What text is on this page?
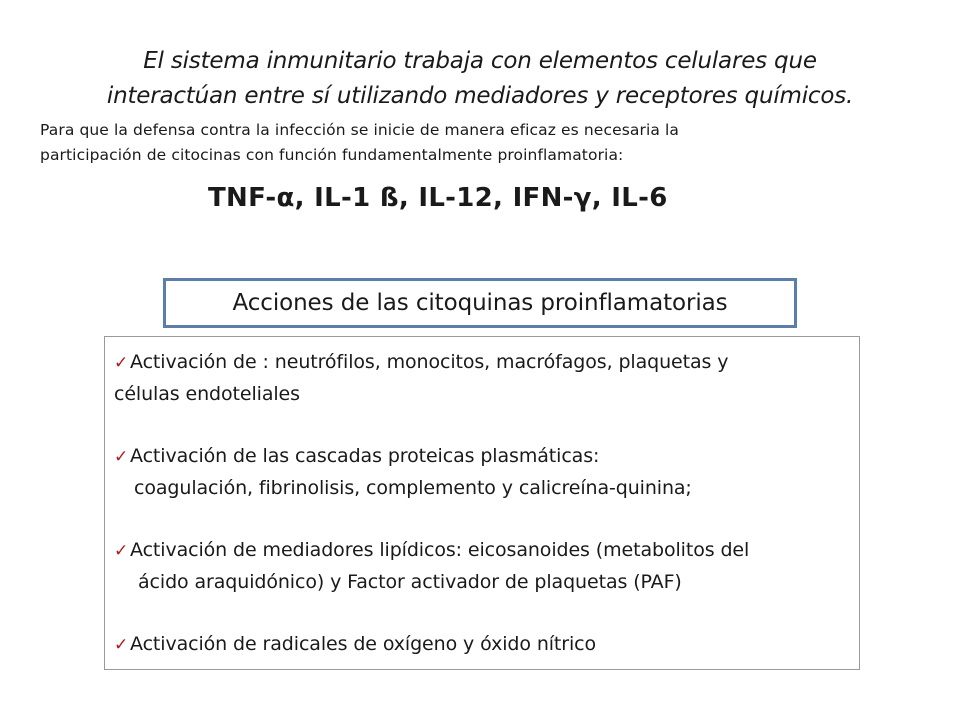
El sistema inmunitario trabaja con elementos celulares que
interactúan entre sí utilizando mediadores y receptores químicos.
Para que la defensa contra la infección se inicie de manera eficaz es necesaria la
participación de citocinas con función fundamentalmente proinflamatoria:
TNF-α, IL-1 ß, IL-12, IFN-γ, IL-6
Acciones de las citoquinas proinflamatorias
✓Activación de : neutrófilos, monocitos, macrófagos, plaquetas y
células endoteliales
✓Activación de las cascadas proteicas plasmáticas:
coagulación, fibrinolisis, complemento y calicreína-quinina;
✓Activación de mediadores lipídicos: eicosanoides (metabolitos del
ácido araquidónico) y Factor activador de plaquetas (PAF)
✓Activación de radicales de oxígeno y óxido nítrico
